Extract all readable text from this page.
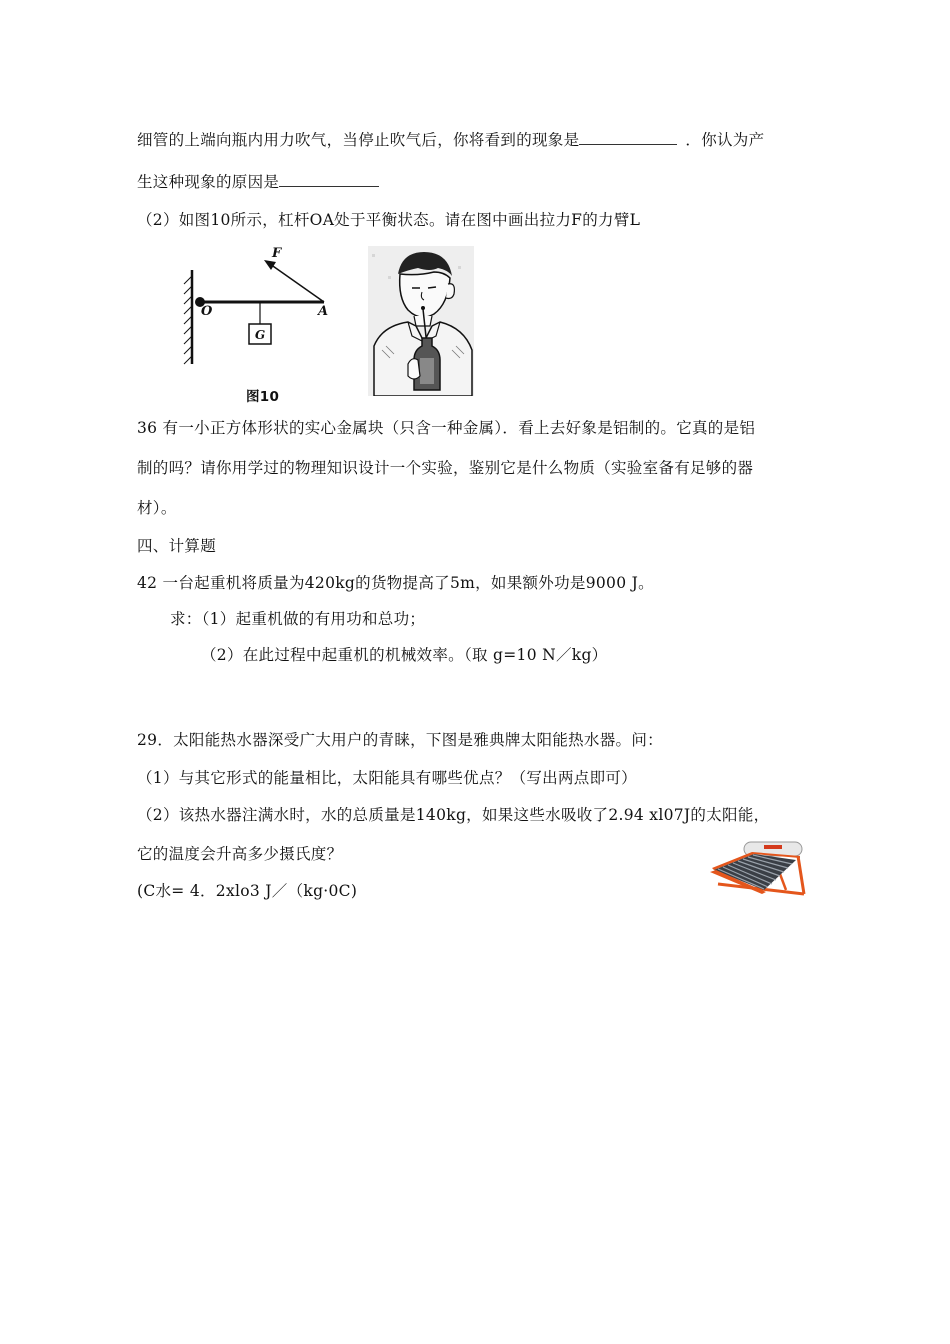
细管的上端向瓶内用力吹气，当停止吹气后，你将看到的现象是	．你认为产
生这种现象的原因是
（2）如图10所示，杠杆OA处于平衡状态。请在图中画出拉力F的力臂L
F
O	A
G
图10
36 有一小正方体形状的实心金属块（只含一种金属）．看上去好象是铝制的。它真的是铝
制的吗？请你用学过的物理知识设计一个实验，鉴别它是什么物质（实验室备有足够的器
材）。
四、计算题
42 一台起重机将质量为420kg的货物提高了5m，如果额外功是9000 J。
求：（1）起重机做的有用功和总功；
（2）在此过程中起重机的机械效率。（取 g=10 N／kg）
29．太阳能热水器深受广大用户的青睐，下图是雅典牌太阳能热水器。问：
（1）与其它形式的能量相比，太阳能具有哪些优点？（写出两点即可）
（2）该热水器注满水时，水的总质量是140kg，如果这些水吸收了2.94 xl07J的太阳能，
它的温度会升高多少摄氏度？
(C水= 4．2xlo3 J／（kg·0C)
